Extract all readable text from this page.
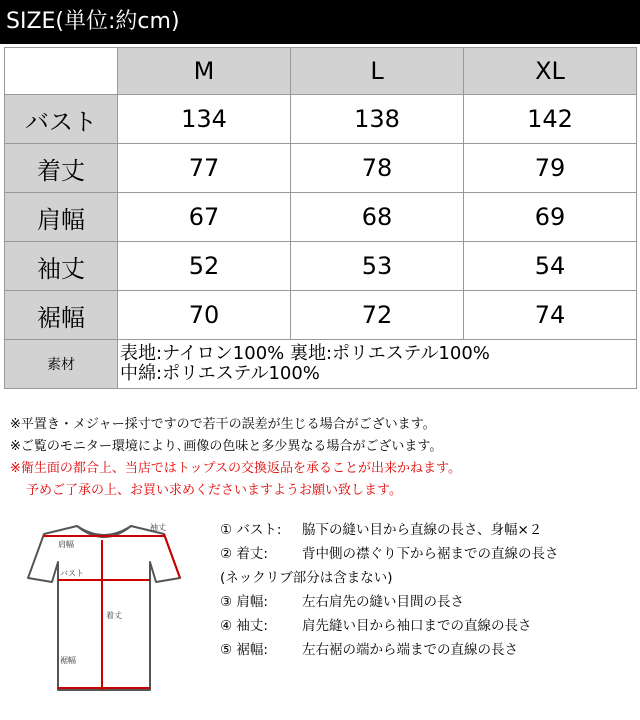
SIZE(単位:約cm)
	M	L	XL
バスト	134	138	142
着丈	77	78	79
肩幅	67	68	69
袖丈	52	53	54
裾幅	70	72	74
素材	表地:ナイロン100% 裏地:ポリエステル100%
中綿:ポリエステル100%		
※平置き・メジャー採寸ですので若干の誤差が生じる場合がございます。
※ご覧のモニター環境により､画像の色味と多少異なる場合がございます。
※衛生面の都合上、当店ではトップスの交換返品を承ることが出来かねます。
予めご了承の上、お買い求めくださいますようお願い致します。
肩幅
袖丈
バスト
着丈
裾幅
① バスト: 脇下の縫い目から直線の長さ、身幅×２
② 着丈:	背中側の襟ぐり下から裾までの直線の長さ
(ネックリブ部分は含まない)
③ 肩幅:	左右肩先の縫い目間の長さ
④ 袖丈:	肩先縫い目から袖口までの直線の長さ
⑤ 裾幅:	左右裾の端から端までの直線の長さ
